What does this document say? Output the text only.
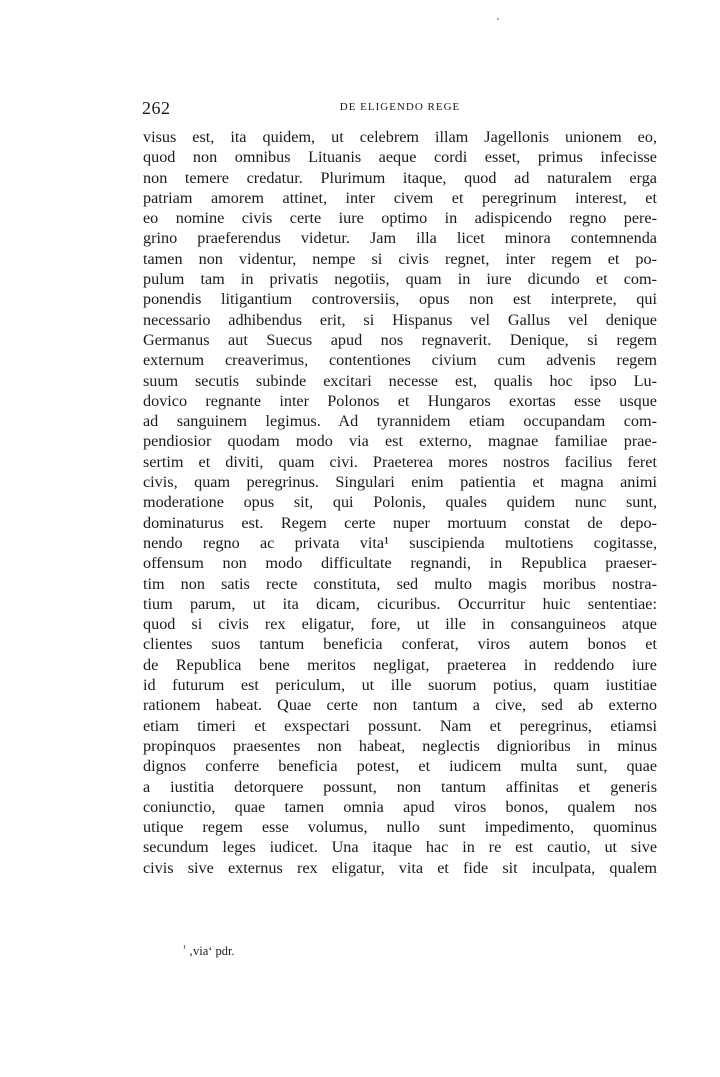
262	DE ELIGENDO REGE
visus est, ita quidem, ut celebrem illam Jagellonis unionem eo,
quod non omnibus Lituanis aeque cordi esset, primus infecisse
non temere credatur. Plurimum itaque, quod ad naturalem erga
patriam amorem attinet, inter civem et peregrinum interest, et
eo nomine civis certe iure optimo in adispicendo regno pere-
grino praeferendus videtur. Jam illa licet minora contemnenda
tamen non videntur, nempe si civis regnet, inter regem et po-
pulum tam in privatis negotiis, quam in iure dicundo et com-
ponendis litigantium controversiis, opus non est interprete, qui
necessario adhibendus erit, si Hispanus vel Gallus vel denique
Germanus aut Suecus apud nos regnaverit. Denique, si regem
externum creaverimus, contentiones civium cum advenis regem
suum secutis subinde excitari necesse est, qualis hoc ipso Lu-
dovico regnante inter Polonos et Hungaros exortas esse usque
ad sanguinem legimus. Ad tyrannidem etiam occupandam com-
pendiosior quodam modo via est externo, magnae familiae prae-
sertim et diviti, quam civi. Praeterea mores nostros facilius feret
civis, quam peregrinus. Singulari enim patientia et magna animi
moderatione opus sit, qui Polonis, quales quidem nunc sunt,
dominaturus est. Regem certe nuper mortuum constat de depo-
nendo regno ac privata vita¹ suscipienda multotiens cogitasse,
offensum non modo difficultate regnandi, in Republica praeser-
tim non satis recte constituta, sed multo magis moribus nostra-
tium parum, ut ita dicam, cicuribus. Occurritur huic sententiae:
quod si civis rex eligatur, fore, ut ille in consanguineos atque
clientes suos tantum beneficia conferat, viros autem bonos et
de Republica bene meritos negligat, praeterea in reddendo iure
id futurum est periculum, ut ille suorum potius, quam iustitiae
rationem habeat. Quae certe non tantum a cive, sed ab externo
etiam timeri et exspectari possunt. Nam et peregrinus, etiamsi
propinquos praesentes non habeat, neglectis dignioribus in minus
dignos conferre beneficia potest, et iudicem multa sunt, quae
a iustitia detorquere possunt, non tantum affinitas et generis
coniunctio, quae tamen omnia apud viros bonos, qualem nos
utique regem esse volumus, nullo sunt impedimento, quominus
secundum leges iudicet. Una itaque hac in re est cautio, ut sive
civis sive externus rex eligatur, vita et fide sit inculpata, qualem
$^{^1}$ ‚via‘ pdr.
